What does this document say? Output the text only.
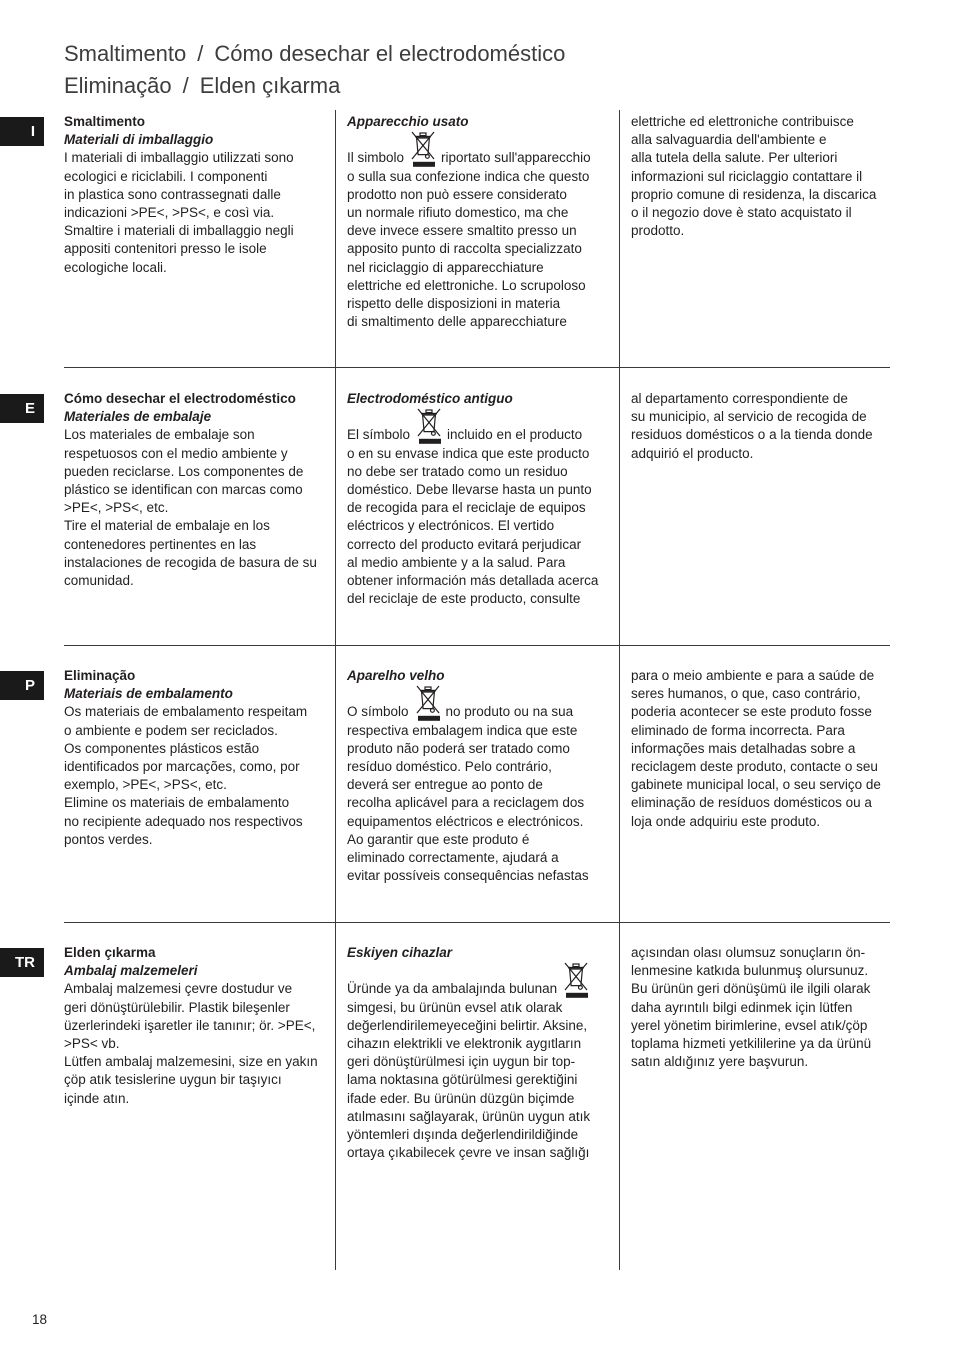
Smaltimento / Cómo desechar el electrodoméstico
Eliminação / Elden çıkarma
I
Smaltimento
Materiali di imballaggio
I materiali di imballaggio utilizzati sono
ecologici e riciclabili. I componenti
in plastica sono contrassegnati dalle
indicazioni >PE<, >PS<, e così via.
Smaltire i materiali di imballaggio negli
appositi contenitori presso le isole
ecologiche locali.
Apparecchio usato
Il simbolo	riportato sull'apparecchio
o sulla sua confezione indica che questo
prodotto non può essere considerato
un normale rifiuto domestico, ma che
deve invece essere smaltito presso un
apposito punto di raccolta specializzato
nel riciclaggio di apparecchiature
elettriche ed elettroniche. Lo scrupoloso
rispetto delle disposizioni in materia
di smaltimento delle apparecchiature
elettriche ed elettroniche contribuisce
alla salvaguardia dell'ambiente e
alla tutela della salute. Per ulteriori
informazioni sul riciclaggio contattare il
proprio comune di residenza, la discarica
o il negozio dove è stato acquistato il
prodotto.
E
Cómo desechar el electrodoméstico
Materiales de embalaje
Los materiales de embalaje son
respetuosos con el medio ambiente y
pueden reciclarse. Los componentes de
plástico se identifican con marcas como
>PE<, >PS<, etc.
Tire el material de embalaje en los
contenedores pertinentes en las
instalaciones de recogida de basura de su
comunidad.
Electrodoméstico antiguo
El símbolo	incluido en el producto
o en su envase indica que este producto
no debe ser tratado como un residuo
doméstico. Debe llevarse hasta un punto
de recogida para el reciclaje de equipos
eléctricos y electrónicos. El vertido
correcto del producto evitará perjudicar
al medio ambiente y a la salud. Para
obtener información más detallada acerca
del reciclaje de este producto, consulte
al departamento correspondiente de
su municipio, al servicio de recogida de
residuos domésticos o a la tienda donde
adquirió el producto.
P
Eliminação
Materiais de embalamento
Os materiais de embalamento respeitam
o ambiente e podem ser reciclados.
Os componentes plásticos estão
identificados por marcações, como, por
exemplo, >PE<, >PS<, etc.
Elimine os materiais de embalamento
no recipiente adequado nos respectivos
pontos verdes.
Aparelho velho
O símbolo	no produto ou na sua
respectiva embalagem indica que este
produto não poderá ser tratado como
resíduo doméstico. Pelo contrário,
deverá ser entregue ao ponto de
recolha aplicável para a reciclagem dos
equipamentos eléctricos e electrónicos.
Ao garantir que este produto é
eliminado correctamente, ajudará a
evitar possíveis consequências nefastas
para o meio ambiente e para a saúde de
seres humanos, o que, caso contrário,
poderia acontecer se este produto fosse
eliminado de forma incorrecta. Para
informações mais detalhadas sobre a
reciclagem deste produto, contacte o seu
gabinete municipal local, o seu serviço de
eliminação de resíduos domésticos ou a
loja onde adquiriu este produto.
TR
Elden çıkarma
Ambalaj malzemeleri
Ambalaj malzemesi çevre dostudur ve
geri dönüştürülebilir. Plastik bileşenler
üzerlerindeki işaretler ile tanınır; ör. >PE<,
>PS< vb.
Lütfen ambalaj malzemesini, size en yakın
çöp atık tesislerine uygun bir taşıyıcı
içinde atın.
Eskiyen cihazlar
Üründe ya da ambalajında bulunan
simgesi, bu ürünün evsel atık olarak
değerlendirilemeyeceğini belirtir. Aksine,
cihazın elektrikli ve elektronik aygıtların
geri dönüştürülmesi için uygun bir top-
lama noktasına götürülmesi gerektiğini
ifade eder. Bu ürünün düzgün biçimde
atılmasını sağlayarak, ürünün uygun atık
yöntemleri dışında değerlendirildiğinde
ortaya çıkabilecek çevre ve insan sağlığı
açısından olası olumsuz sonuçların ön-
lenmesine katkıda bulunmuş olursunuz.
Bu ürünün geri dönüşümü ile ilgili olarak
daha ayrıntılı bilgi edinmek için lütfen
yerel yönetim birimlerine, evsel atık/çöp
toplama hizmeti yetkililerine ya da ürünü
satın aldığınız yere başvurun.
18
